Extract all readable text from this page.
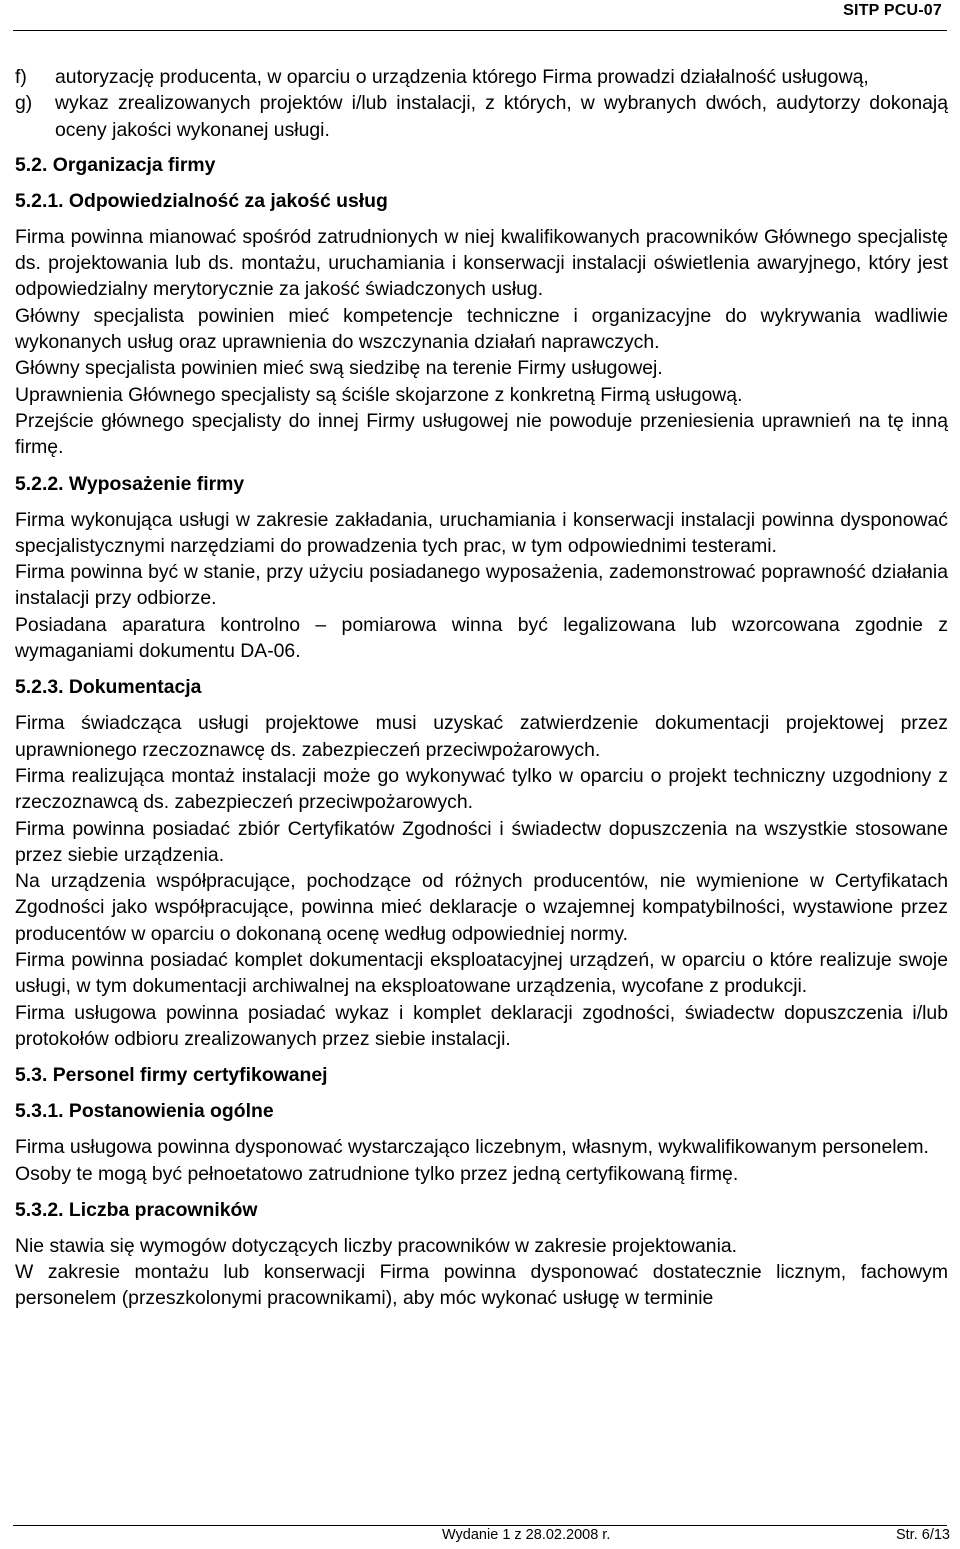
SITP PCU-07
f)	autoryzację producenta, w oparciu o urządzenia którego Firma prowadzi działalność usługową,
g)	wykaz zrealizowanych projektów i/lub instalacji, z których, w wybranych dwóch, audytorzy dokonają oceny jakości wykonanej usługi.
5.2. Organizacja firmy
5.2.1. Odpowiedzialność za jakość usług

Firma powinna mianować spośród zatrudnionych w niej kwalifikowanych pracowników Głównego specjalistę ds. projektowania lub ds. montażu, uruchamiania i konserwacji instalacji oświetlenia awaryjnego, który jest odpowiedzialny merytorycznie za jakość świadczonych usług.

Główny specjalista powinien mieć kompetencje techniczne i organizacyjne do wykrywania wadliwie wykonanych usług oraz uprawnienia do wszczynania działań naprawczych.

Główny specjalista powinien mieć swą siedzibę na terenie Firmy usługowej.

Uprawnienia Głównego specjalisty są ściśle skojarzone z konkretną Firmą usługową.

Przejście głównego specjalisty do innej Firmy usługowej nie powoduje przeniesienia uprawnień na tę inną firmę.

5.2.2. Wyposażenie firmy

Firma wykonująca usługi w zakresie zakładania, uruchamiania i konserwacji instalacji powinna dysponować specjalistycznymi narzędziami do prowadzenia tych prac, w tym odpowiednimi testerami.

Firma powinna być w stanie, przy użyciu posiadanego wyposażenia, zademonstrować poprawność działania instalacji przy odbiorze.

Posiadana aparatura kontrolno – pomiarowa winna być legalizowana lub wzorcowana zgodnie z wymaganiami dokumentu DA-06.

5.2.3. Dokumentacja

Firma świadcząca usługi projektowe musi uzyskać zatwierdzenie dokumentacji projektowej przez uprawnionego rzeczoznawcę ds. zabezpieczeń przeciwpożarowych.

Firma realizująca montaż instalacji może go wykonywać tylko w oparciu o projekt techniczny uzgodniony z rzeczoznawcą ds. zabezpieczeń przeciwpożarowych.

Firma powinna posiadać zbiór Certyfikatów Zgodności i świadectw dopuszczenia na wszystkie stosowane przez siebie urządzenia.

Na urządzenia współpracujące, pochodzące od różnych producentów, nie wymienione w Certyfikatach Zgodności jako współpracujące, powinna mieć deklaracje o wzajemnej kompatybilności, wystawione przez producentów w oparciu o dokonaną ocenę według odpowiedniej normy.

Firma powinna posiadać komplet dokumentacji eksploatacyjnej urządzeń, w oparciu o które realizuje swoje usługi, w tym dokumentacji archiwalnej na eksploatowane urządzenia, wycofane z produkcji.

Firma usługowa powinna posiadać wykaz i komplet deklaracji zgodności, świadectw dopuszczenia i/lub protokołów odbioru zrealizowanych przez siebie instalacji.

5.3. Personel firmy certyfikowanej
5.3.1. Postanowienia ogólne

Firma usługowa powinna dysponować wystarczająco liczebnym, własnym, wykwalifikowanym personelem.

Osoby te mogą być pełnoetatowo zatrudnione tylko przez jedną certyfikowaną firmę.

5.3.2. Liczba pracowników

Nie stawia się wymogów dotyczących liczby pracowników w zakresie projektowania.

W zakresie montażu lub konserwacji Firma powinna dysponować dostatecznie licznym, fachowym personelem (przeszkolonymi pracownikami), aby móc wykonać usługę w terminie

Wydanie 1 z 28.02.2008 r.	Str. 6/13
